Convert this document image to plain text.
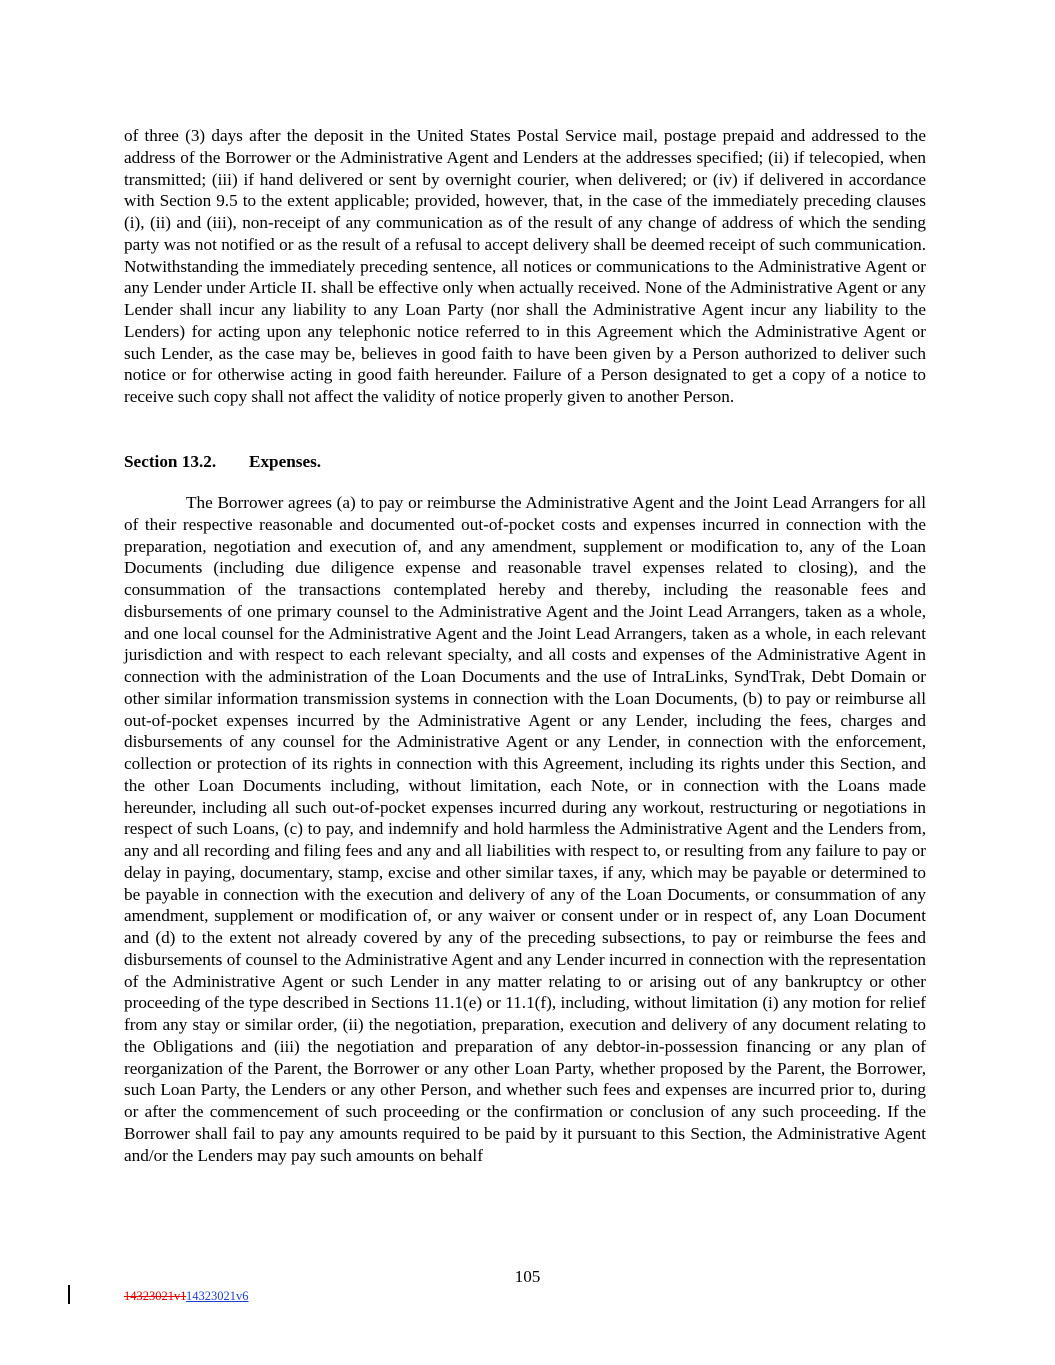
of three (3) days after the deposit in the United States Postal Service mail, postage prepaid and addressed to the address of the Borrower or the Administrative Agent and Lenders at the addresses specified; (ii) if telecopied, when transmitted; (iii) if hand delivered or sent by overnight courier, when delivered; or (iv) if delivered in accordance with Section 9.5 to the extent applicable; provided, however, that, in the case of the immediately preceding clauses (i), (ii) and (iii), non-receipt of any communication as of the result of any change of address of which the sending party was not notified or as the result of a refusal to accept delivery shall be deemed receipt of such communication. Notwithstanding the immediately preceding sentence, all notices or communications to the Administrative Agent or any Lender under Article II. shall be effective only when actually received. None of the Administrative Agent or any Lender shall incur any liability to any Loan Party (nor shall the Administrative Agent incur any liability to the Lenders) for acting upon any telephonic notice referred to in this Agreement which the Administrative Agent or such Lender, as the case may be, believes in good faith to have been given by a Person authorized to deliver such notice or for otherwise acting in good faith hereunder. Failure of a Person designated to get a copy of a notice to receive such copy shall not affect the validity of notice properly given to another Person.

Section 13.2. Expenses.

The Borrower agrees (a) to pay or reimburse the Administrative Agent and the Joint Lead Arrangers for all of their respective reasonable and documented out-of-pocket costs and expenses incurred in connection with the preparation, negotiation and execution of, and any amendment, supplement or modification to, any of the Loan Documents (including due diligence expense and reasonable travel expenses related to closing), and the consummation of the transactions contemplated hereby and thereby, including the reasonable fees and disbursements of one primary counsel to the Administrative Agent and the Joint Lead Arrangers, taken as a whole, and one local counsel for the Administrative Agent and the Joint Lead Arrangers, taken as a whole, in each relevant jurisdiction and with respect to each relevant specialty, and all costs and expenses of the Administrative Agent in connection with the administration of the Loan Documents and the use of IntraLinks, SyndTrak, Debt Domain or other similar information transmission systems in connection with the Loan Documents, (b) to pay or reimburse all out-of-pocket expenses incurred by the Administrative Agent or any Lender, including the fees, charges and disbursements of any counsel for the Administrative Agent or any Lender, in connection with the enforcement, collection or protection of its rights in connection with this Agreement, including its rights under this Section, and the other Loan Documents including, without limitation, each Note, or in connection with the Loans made hereunder, including all such out-of-pocket expenses incurred during any workout, restructuring or negotiations in respect of such Loans, (c) to pay, and indemnify and hold harmless the Administrative Agent and the Lenders from, any and all recording and filing fees and any and all liabilities with respect to, or resulting from any failure to pay or delay in paying, documentary, stamp, excise and other similar taxes, if any, which may be payable or determined to be payable in connection with the execution and delivery of any of the Loan Documents, or consummation of any amendment, supplement or modification of, or any waiver or consent under or in respect of, any Loan Document and (d) to the extent not already covered by any of the preceding subsections, to pay or reimburse the fees and disbursements of counsel to the Administrative Agent and any Lender incurred in connection with the representation of the Administrative Agent or such Lender in any matter relating to or arising out of any bankruptcy or other proceeding of the type described in Sections 11.1(e) or 11.1(f), including, without limitation (i) any motion for relief from any stay or similar order, (ii) the negotiation, preparation, execution and delivery of any document relating to the Obligations and (iii) the negotiation and preparation of any debtor-in-possession financing or any plan of reorganization of the Parent, the Borrower or any other Loan Party, whether proposed by the Parent, the Borrower, such Loan Party, the Lenders or any other Person, and whether such fees and expenses are incurred prior to, during or after the commencement of such proceeding or the confirmation or conclusion of any such proceeding. If the Borrower shall fail to pay any amounts required to be paid by it pursuant to this Section, the Administrative Agent and/or the Lenders may pay such amounts on behalf

105
14323021v114323021v6
